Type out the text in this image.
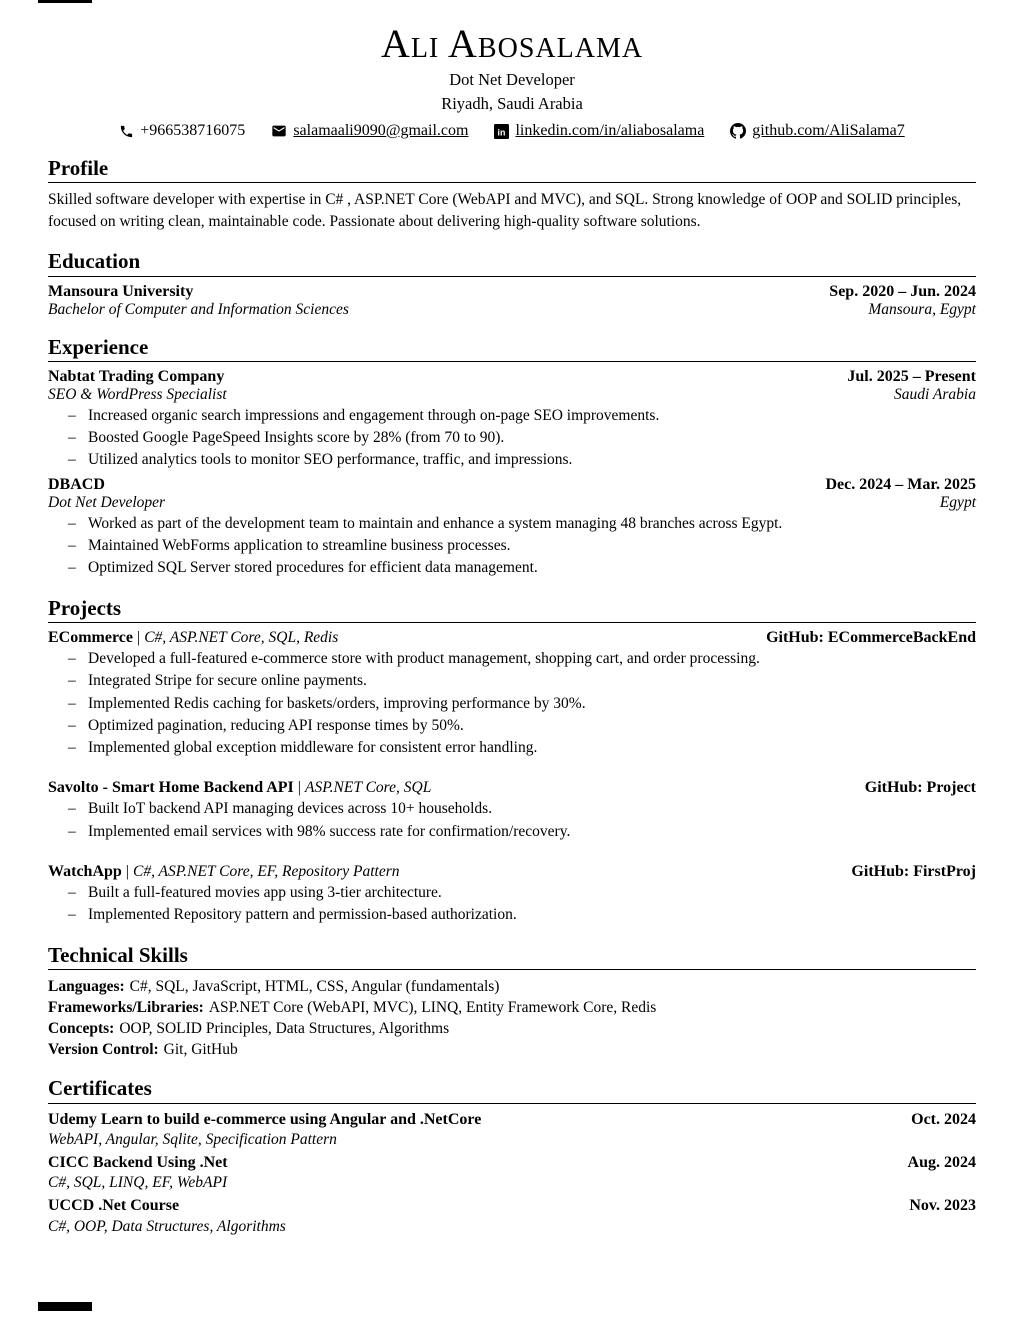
Ali Abosalama
Dot Net Developer
Riyadh, Saudi Arabia
+966538716075	salamaali9090@gmail.com	in linkedin.com/in/aliabosalama	github.com/AliSalama7
Profile

Skilled software developer with expertise in C# , ASP.NET Core (WebAPI and MVC), and SQL. Strong knowledge of OOP and SOLID principles, focused on writing clean, maintainable code. Passionate about delivering high-quality software solutions.

Education
Mansoura University	Sep. 2020 – Jun. 2024
Bachelor of Computer and Information Sciences	Mansoura, Egypt
Experience
Nabtat Trading Company	Jul. 2025 – Present
SEO & WordPress Specialist	Saudi Arabia
– Increased organic search impressions and engagement through on-page SEO improvements.
– Boosted Google PageSpeed Insights score by 28% (from 70 to 90).
– Utilized analytics tools to monitor SEO performance, traffic, and impressions.
DBACD	Dec. 2024 – Mar. 2025
Dot Net Developer	Egypt
– Worked as part of the development team to maintain and enhance a system managing 48 branches across Egypt.
– Maintained WebForms application to streamline business processes.
– Optimized SQL Server stored procedures for efficient data management.
Projects
ECommerce | C#, ASP.NET Core, SQL, Redis	GitHub: ECommerceBackEnd
– Developed a full-featured e-commerce store with product management, shopping cart, and order processing.
– Integrated Stripe for secure online payments.
– Implemented Redis caching for baskets/orders, improving performance by 30%.
– Optimized pagination, reducing API response times by 50%.
– Implemented global exception middleware for consistent error handling.
Savolto - Smart Home Backend API | ASP.NET Core, SQL	GitHub: Project
– Built IoT backend API managing devices across 10+ households.
– Implemented email services with 98% success rate for confirmation/recovery.
WatchApp | C#, ASP.NET Core, EF, Repository Pattern	GitHub: FirstProj
– Built a full-featured movies app using 3-tier architecture.
– Implemented Repository pattern and permission-based authorization.
Technical Skills
Languages: C#, SQL, JavaScript, HTML, CSS, Angular (fundamentals)
Frameworks/Libraries: ASP.NET Core (WebAPI, MVC), LINQ, Entity Framework Core, Redis
Concepts: OOP, SOLID Principles, Data Structures, Algorithms
Version Control: Git, GitHub
Certificates
Udemy Learn to build e-commerce using Angular and .NetCore	Oct. 2024
WebAPI, Angular, Sqlite, Specification Pattern
CICC Backend Using .Net	Aug. 2024
C#, SQL, LINQ, EF, WebAPI
UCCD .Net Course	Nov. 2023
C#, OOP, Data Structures, Algorithms
